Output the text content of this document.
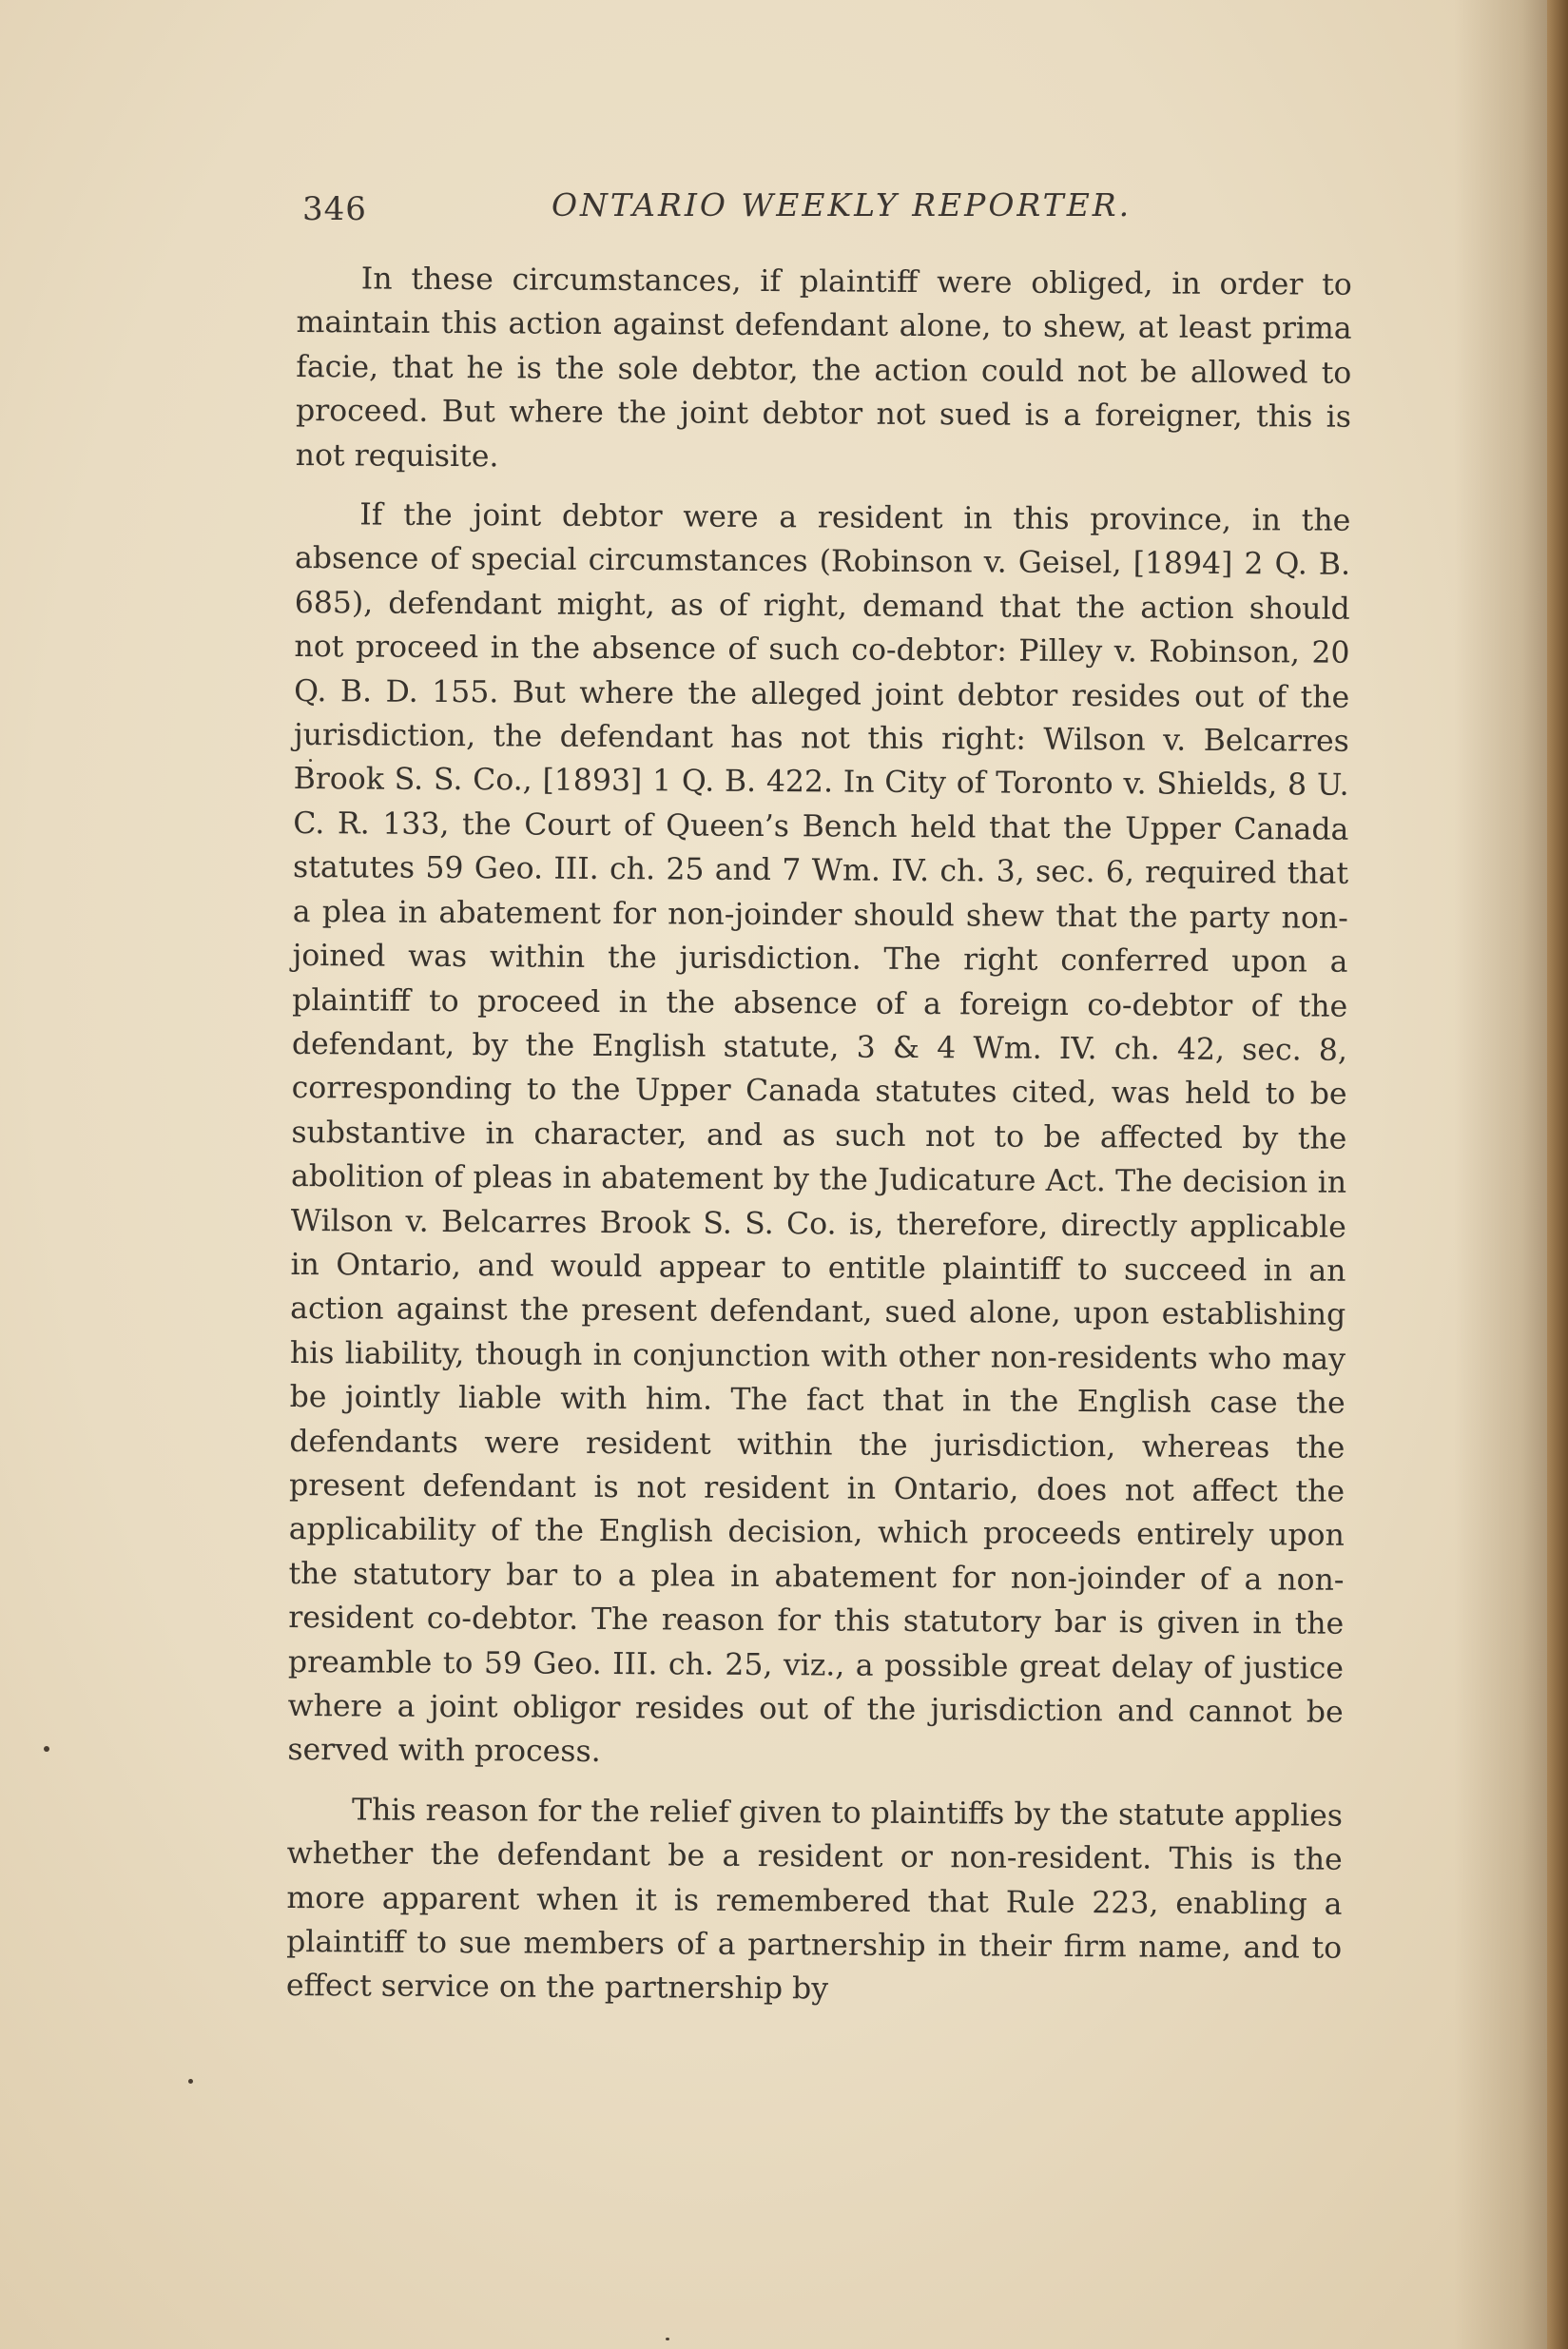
346	ONTARIO WEEKLY REPORTER.

In these circumstances, if plaintiff were obliged, in order to maintain this action against defendant alone, to shew, at least prima facie, that he is the sole debtor, the action could not be allowed to proceed. But where the joint debtor not sued is a foreigner, this is not requisite.

If the joint debtor were a resident in this province, in the absence of special circumstances (Robinson v. Geisel, [1894] 2 Q. B. 685), defendant might, as of right, demand that the action should not proceed in the absence of such co-debtor: Pilley v. Robinson, 20 Q. B. D. 155. But where the alleged joint debtor resides out of the jurisdiction, the defendant has not this right: Wilson v. Belcarres Brook S. S. Co., [1893] 1 Q. B. 422. In City of Toronto v. Shields, 8 U. C. R. 133, the Court of Queen’s Bench held that the Upper Canada statutes 59 Geo. III. ch. 25 and 7 Wm. IV. ch. 3, sec. 6, required that a plea in abatement for non-joinder should shew that the party non-joined was within the jurisdiction. The right conferred upon a plaintiff to proceed in the absence of a foreign co-debtor of the defendant, by the English statute, 3 & 4 Wm. IV. ch. 42, sec. 8, corresponding to the Upper Canada statutes cited, was held to be substantive in character, and as such not to be affected by the abolition of pleas in abatement by the Judicature Act. The decision in Wilson v. Belcarres Brook S. S. Co. is, therefore, directly applicable in Ontario, and would appear to entitle plaintiff to succeed in an action against the present defendant, sued alone, upon establishing his liability, though in conjunction with other non-residents who may be jointly liable with him. The fact that in the English case the defendants were resident within the jurisdiction, whereas the present defendant is not resident in Ontario, does not affect the applicability of the English decision, which proceeds entirely upon the statutory bar to a plea in abatement for non-joinder of a non-resident co-debtor. The reason for this statutory bar is given in the preamble to 59 Geo. III. ch. 25, viz., a possible great delay of justice where a joint obligor resides out of the jurisdiction and cannot be served with process.

This reason for the relief given to plaintiffs by the statute applies whether the defendant be a resident or non-resident. This is the more apparent when it is remembered that Rule 223, enabling a plaintiff to sue members of a partnership in their firm name, and to effect service on the partnership by
